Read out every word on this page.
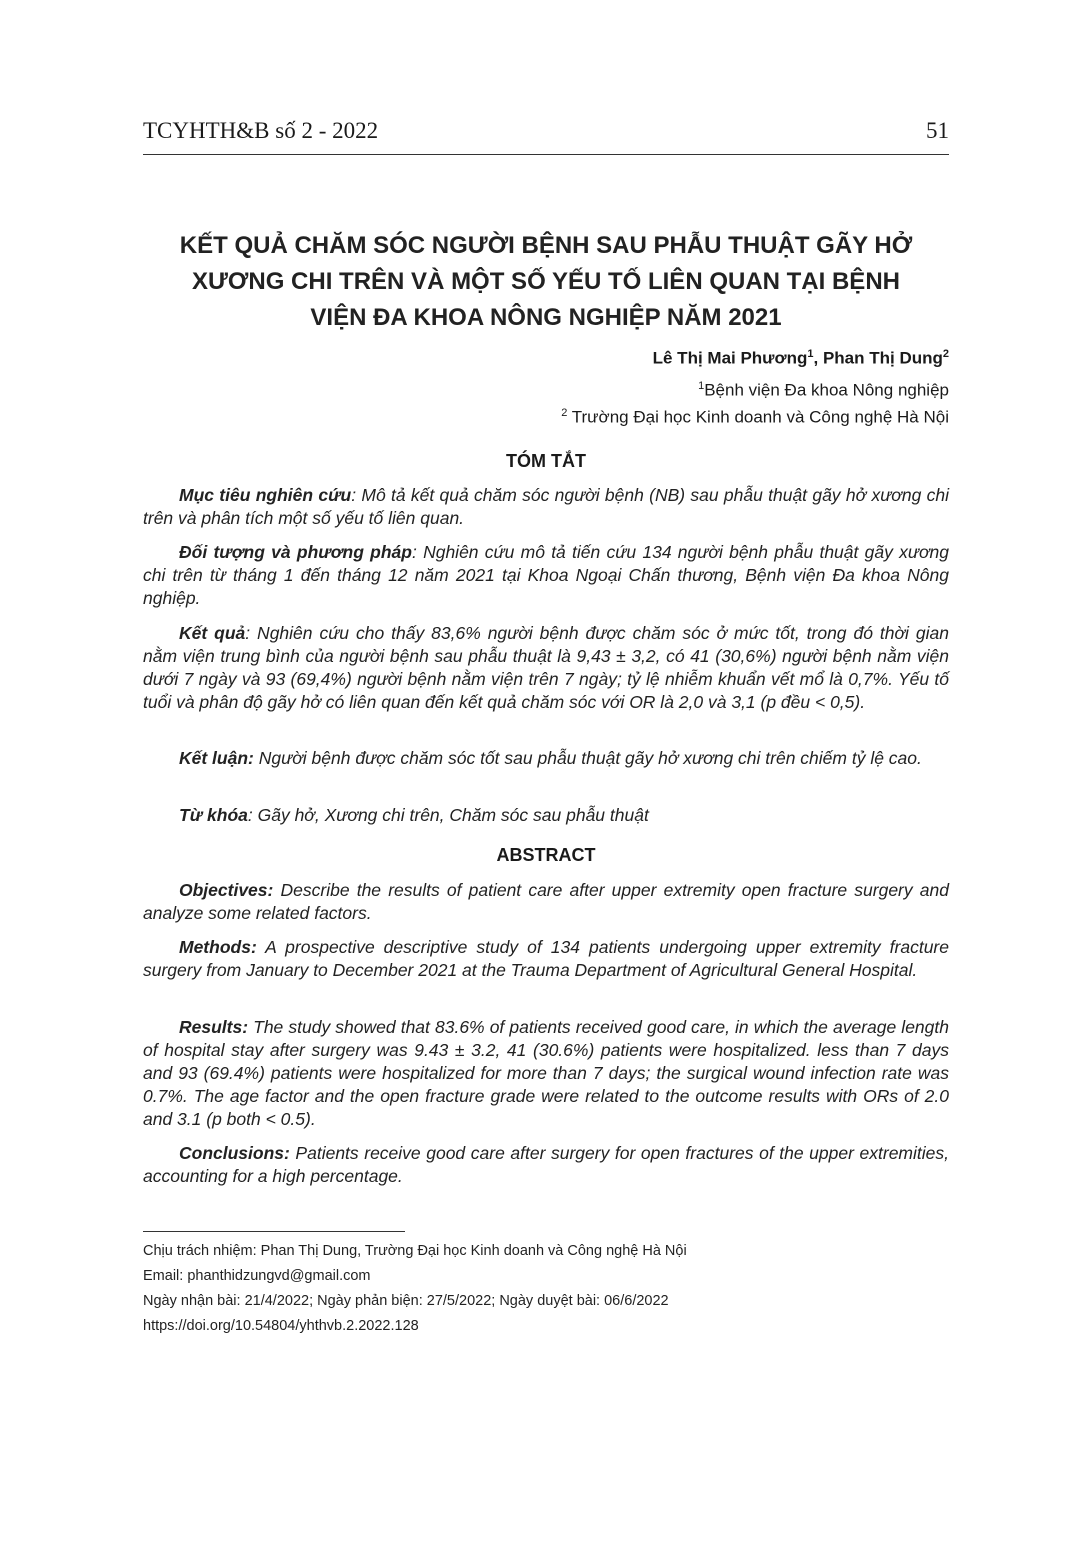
TCYHTH&B số 2 - 2022	51
KẾT QUẢ CHĂM SÓC NGƯỜI BỆNH SAU PHẪU THUẬT GÃY HỞ
XƯƠNG CHI TRÊN VÀ MỘT SỐ YẾU TỐ LIÊN QUAN TẠI BỆNH
VIỆN ĐA KHOA NÔNG NGHIỆP NĂM 2021
Lê Thị Mai Phương$^1$, Phan Thị Dung$^2$
$^1$Bệnh viện Đa khoa Nông nghiệp
$^2$ Trường Đại học Kinh doanh và Công nghệ Hà Nội
TÓM TẮT

Mục tiêu nghiên cứu: Mô tả kết quả chăm sóc người bệnh (NB) sau phẫu thuật gãy hở xương chi trên và phân tích một số yếu tố liên quan.

Đối tượng và phương pháp: Nghiên cứu mô tả tiến cứu 134 người bệnh phẫu thuật gãy xương chi trên từ tháng 1 đến tháng 12 năm 2021 tại Khoa Ngoại Chấn thương, Bệnh viện Đa khoa Nông nghiệp.

Kết quả: Nghiên cứu cho thấy 83,6% người bệnh được chăm sóc ở mức tốt, trong đó thời gian nằm viện trung bình của người bệnh sau phẫu thuật là 9,43 ± 3,2, có 41 (30,6%) người bệnh nằm viện dưới 7 ngày và 93 (69,4%) người bệnh nằm viện trên 7 ngày; tỷ lệ nhiễm khuẩn vết mổ là 0,7%. Yếu tố tuổi và phân độ gãy hở có liên quan đến kết quả chăm sóc với OR là 2,0 và 3,1 (p đều < 0,5).

Kết luận: Người bệnh được chăm sóc tốt sau phẫu thuật gãy hở xương chi trên chiếm tỷ lệ cao.

Từ khóa: Gãy hở, Xương chi trên, Chăm sóc sau phẫu thuật

ABSTRACT

Objectives: Describe the results of patient care after upper extremity open fracture surgery and analyze some related factors.

Methods: A prospective descriptive study of 134 patients undergoing upper extremity fracture surgery from January to December 2021 at the Trauma Department of Agricultural General Hospital.

Results: The study showed that 83.6% of patients received good care, in which the average length of hospital stay after surgery was 9.43 ± 3.2, 41 (30.6%) patients were hospitalized. less than 7 days and 93 (69.4%) patients were hospitalized for more than 7 days; the surgical wound infection rate was 0.7%. The age factor and the open fracture grade were related to the outcome results with ORs of 2.0 and 3.1 (p both < 0.5).

Conclusions: Patients receive good care after surgery for open fractures of the upper extremities, accounting for a high percentage.

Chịu trách nhiệm: Phan Thị Dung, Trường Đại học Kinh doanh và Công nghệ Hà Nội
Email: phanthidzungvd@gmail.com
Ngày nhận bài: 21/4/2022; Ngày phản biện: 27/5/2022; Ngày duyệt bài: 06/6/2022
https://doi.org/10.54804/yhthvb.2.2022.128
